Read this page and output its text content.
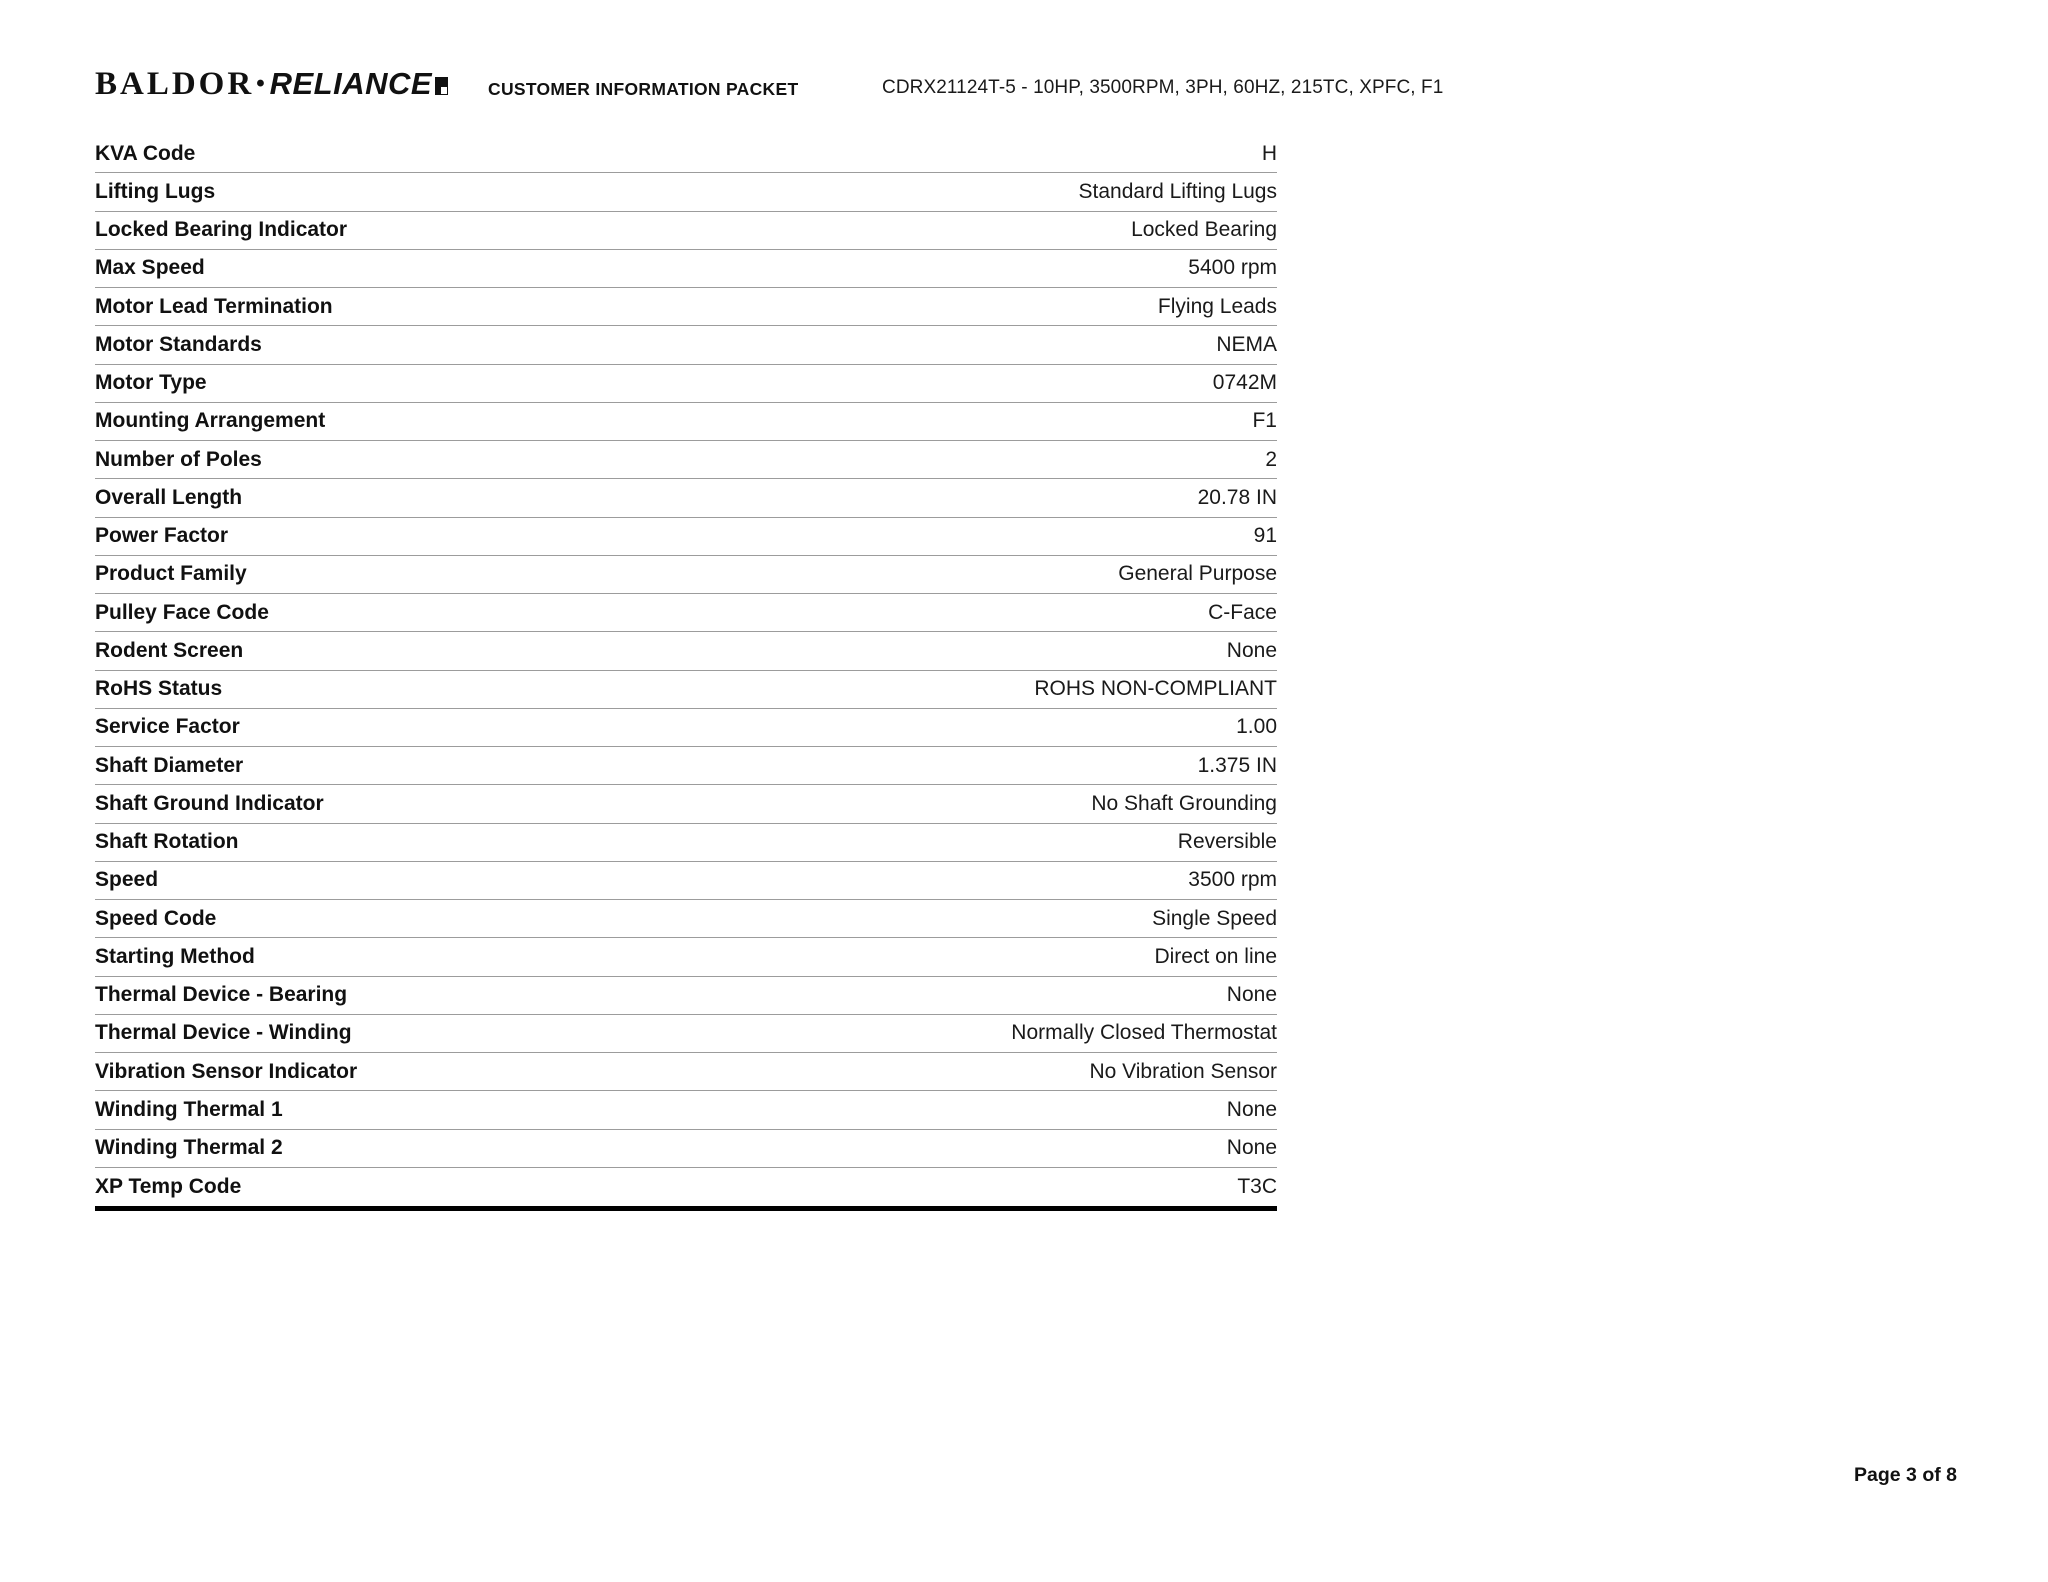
BALDOR• RELIANCE	CUSTOMER INFORMATION PACKET	CDRX21124T-5 - 10HP, 3500RPM, 3PH, 60HZ, 215TC, XPFC, F1
KVA Code	H
Lifting Lugs	Standard Lifting Lugs
Locked Bearing Indicator	Locked Bearing
Max Speed	5400 rpm
Motor Lead Termination	Flying Leads
Motor Standards	NEMA
Motor Type	0742M
Mounting Arrangement	F1
Number of Poles	2
Overall Length	20.78 IN
Power Factor	91
Product Family	General Purpose
Pulley Face Code	C-Face
Rodent Screen	None
RoHS Status	ROHS NON-COMPLIANT
Service Factor	1.00
Shaft Diameter	1.375 IN
Shaft Ground Indicator	No Shaft Grounding
Shaft Rotation	Reversible
Speed	3500 rpm
Speed Code	Single Speed
Starting Method	Direct on line
Thermal Device - Bearing	None
Thermal Device - Winding	Normally Closed Thermostat
Vibration Sensor Indicator	No Vibration Sensor
Winding Thermal 1	None
Winding Thermal 2	None
XP Temp Code	T3C
Page 3 of 8
